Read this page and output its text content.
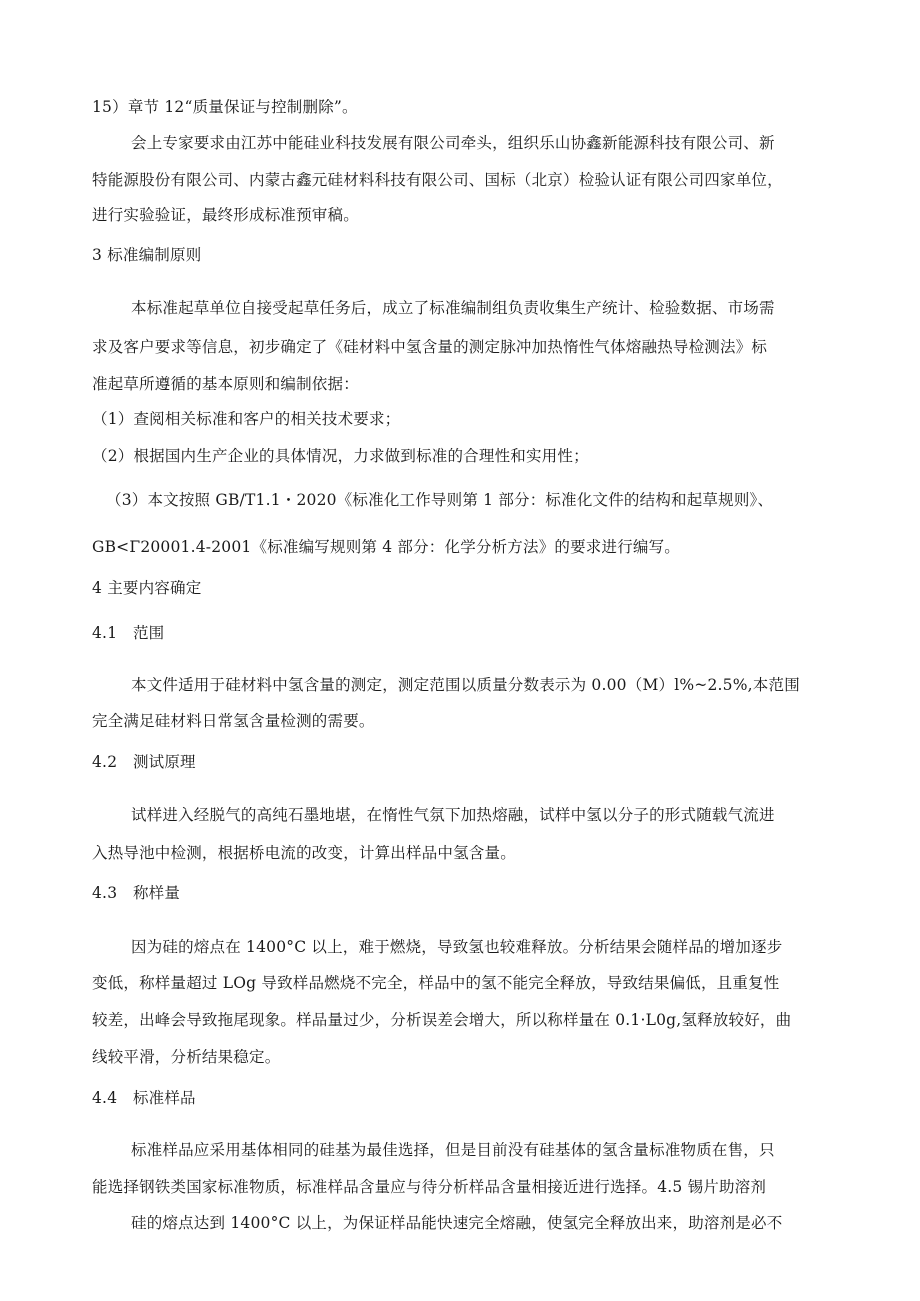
15）章节 12“质量保证与控制删除”。
会上专家要求由江苏中能硅业科技发展有限公司牵头，组织乐山协鑫新能源科技有限公司、新
特能源股份有限公司、内蒙古鑫元硅材料科技有限公司、国标（北京）检验认证有限公司四家单位，
进行实验验证，最终形成标准预审稿。
3 标准编制原则
本标准起草单位自接受起草任务后，成立了标准编制组负责收集生产统计、检验数据、市场需
求及客户要求等信息，初步确定了《硅材料中氢含量的测定脉冲加热惰性气体熔融热导检测法》标
准起草所遵循的基本原则和编制依据：
（1）查阅相关标准和客户的相关技术要求；
（2）根据国内生产企业的具体情况，力求做到标准的合理性和实用性；
（3）本文按照 GB/T1.1・2020《标准化工作导则第 1 部分：标准化文件的结构和起草规则》、
GB<Γ20001.4-2001《标准编写规则第 4 部分：化学分析方法》的要求进行编写。
4 主要内容确定
4.1　范围
本文件适用于硅材料中氢含量的测定，测定范围以质量分数表示为 0.00（M）l%~2.5%,本范围
完全满足硅材料日常氢含量检测的需要。
4.2　测试原理
试样进入经脱气的高纯石墨地堪，在惰性气氛下加热熔融，试样中氢以分子的形式随载气流进
入热导池中检测，根据桥电流的改变，计算出样品中氢含量。
4.3　称样量
因为硅的熔点在 1400°C 以上，难于燃烧，导致氢也较难释放。分析结果会随样品的增加逐步
变低，称样量超过 LOg 导致样品燃烧不完全，样品中的氢不能完全释放，导致结果偏低，且重复性
较差，出峰会导致拖尾现象。样品量过少，分析误差会增大，所以称样量在 0.1·L0g,氢释放较好，曲
线较平滑，分析结果稳定。
4.4　标准样品
标准样品应采用基体相同的硅基为最佳选择，但是目前没有硅基体的氢含量标准物质在售，只
能选择钢铁类国家标准物质，标准样品含量应与待分析样品含量相接近进行选择。4.5 锡片助溶剂
硅的熔点达到 1400°C 以上，为保证样品能快速完全熔融，使氢完全释放出来，助溶剂是必不
